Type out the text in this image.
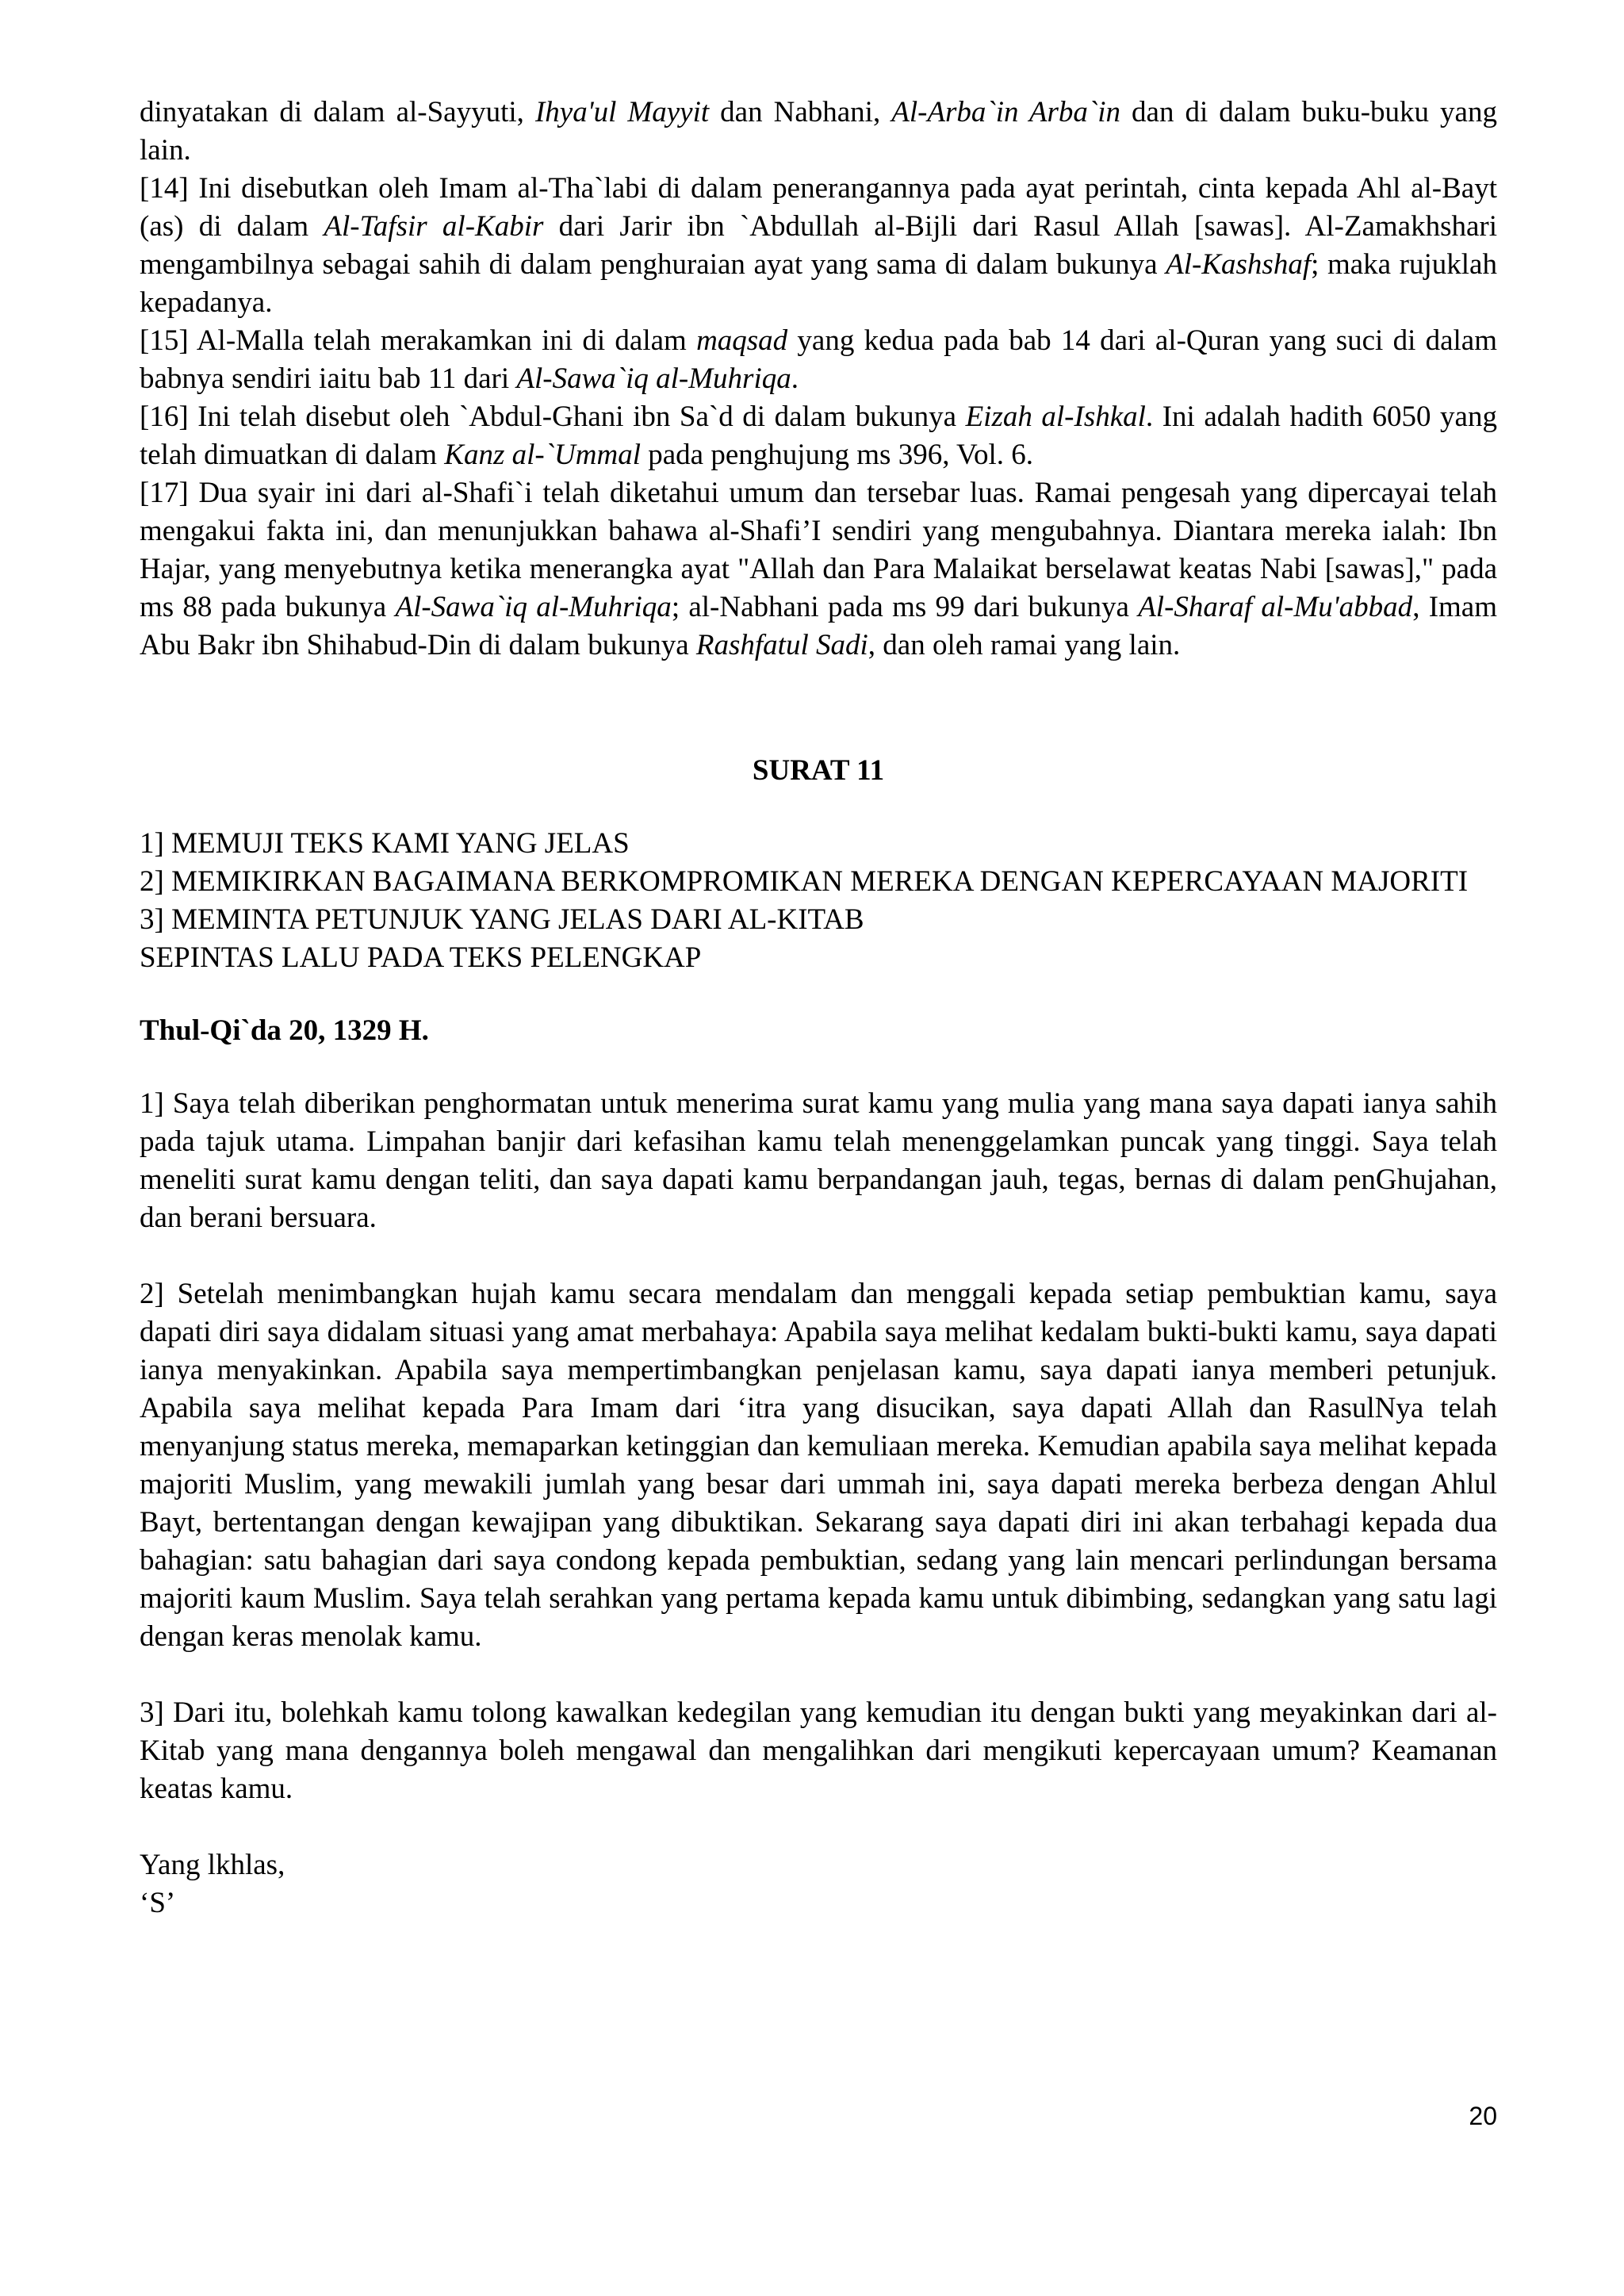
dinyatakan di dalam al-Sayyuti, Ihya'ul Mayyit dan Nabhani, Al-Arba`in Arba`in dan di dalam buku-buku yang lain.

[14] Ini disebutkan oleh Imam al-Tha`labi di dalam penerangannya pada ayat perintah, cinta kepada Ahl al-Bayt (as) di dalam Al-Tafsir al-Kabir dari Jarir ibn `Abdullah al-Bijli dari Rasul Allah [sawas]. Al-Zamakhshari mengambilnya sebagai sahih di dalam penghuraian ayat yang sama di dalam bukunya Al-Kashshaf; maka rujuklah kepadanya.

[15] Al-Malla telah merakamkan ini di dalam maqsad yang kedua pada bab 14 dari al-Quran yang suci di dalam babnya sendiri iaitu bab 11 dari Al-Sawa`iq al-Muhriqa.

[16] Ini telah disebut oleh `Abdul-Ghani ibn Sa`d di dalam bukunya Eizah al-Ishkal. Ini adalah hadith 6050 yang telah dimuatkan di dalam Kanz al-`Ummal pada penghujung ms 396, Vol. 6.

[17] Dua syair ini dari al-Shafi`i telah diketahui umum dan tersebar luas. Ramai pengesah yang dipercayai telah mengakui fakta ini, dan menunjukkan bahawa al-Shafi’I sendiri yang mengubahnya. Diantara mereka ialah: Ibn Hajar, yang menyebutnya ketika menerangka ayat "Allah dan Para Malaikat berselawat keatas Nabi [sawas]," pada ms 88 pada bukunya Al-Sawa`iq al-Muhriqa; al-Nabhani pada ms 99 dari bukunya Al-Sharaf al-Mu'abbad, Imam Abu Bakr ibn Shihabud-Din di dalam bukunya Rashfatul Sadi, dan oleh ramai yang lain.

SURAT 11

1] MEMUJI TEKS KAMI YANG JELAS

2] MEMIKIRKAN BAGAIMANA BERKOMPROMIKAN MEREKA DENGAN KEPERCAYAAN MAJORITI

3] MEMINTA PETUNJUK YANG JELAS DARI AL-KITAB

SEPINTAS LALU PADA TEKS PELENGKAP

Thul-Qi`da 20, 1329 H.

1] Saya telah diberikan penghormatan untuk menerima surat kamu yang mulia yang mana saya dapati ianya sahih pada tajuk utama. Limpahan banjir dari kefasihan kamu telah menenggelamkan puncak yang tinggi. Saya telah meneliti surat kamu dengan teliti, dan saya dapati kamu berpandangan jauh, tegas, bernas di dalam penGhujahan, dan berani bersuara.

2] Setelah menimbangkan hujah kamu secara mendalam dan menggali kepada setiap pembuktian kamu, saya dapati diri saya didalam situasi yang amat merbahaya: Apabila saya melihat kedalam bukti-bukti kamu, saya dapati ianya menyakinkan. Apabila saya mempertimbangkan penjelasan kamu, saya dapati ianya memberi petunjuk. Apabila saya melihat kepada Para Imam dari ‘itra yang disucikan, saya dapati Allah dan RasulNya telah menyanjung status mereka, memaparkan ketinggian dan kemuliaan mereka. Kemudian apabila saya melihat kepada majoriti Muslim, yang mewakili jumlah yang besar dari ummah ini, saya dapati mereka berbeza dengan Ahlul Bayt, bertentangan dengan kewajipan yang dibuktikan. Sekarang saya dapati diri ini akan terbahagi kepada dua bahagian: satu bahagian dari saya condong kepada pembuktian, sedang yang lain mencari perlindungan bersama majoriti kaum Muslim. Saya telah serahkan yang pertama kepada kamu untuk dibimbing, sedangkan yang satu lagi dengan keras menolak kamu.

3] Dari itu, bolehkah kamu tolong kawalkan kedegilan yang kemudian itu dengan bukti yang meyakinkan dari al-Kitab yang mana dengannya boleh mengawal dan mengalihkan dari mengikuti kepercayaan umum? Keamanan keatas kamu.

Yang lkhlas,

‘S’

20
